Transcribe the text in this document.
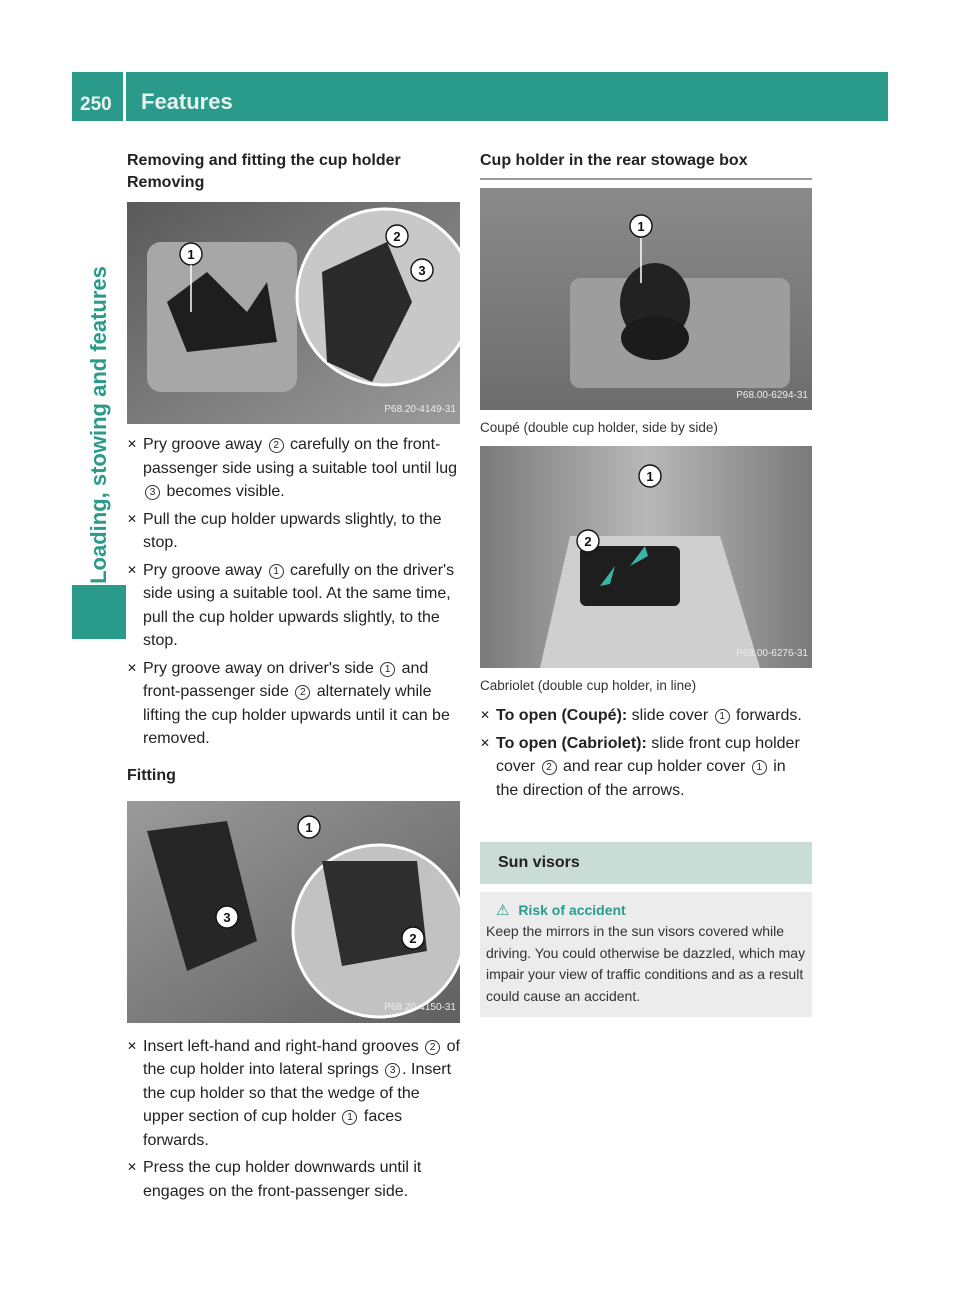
250 Features
Loading, stowing and features
Removing and fitting the cup holder
Removing
1
2
3
P68.20-4149-31
✕ Pry groove away 2 carefully on the front-passenger side using a suitable tool until lug 3 becomes visible.
✕ Pull the cup holder upwards slightly, to the stop.
✕ Pry groove away 1 carefully on the driver's side using a suitable tool. At the same time, pull the cup holder upwards slightly, to the stop.
✕ Pry groove away on driver's side 1 and front-passenger side 2 alternately while lifting the cup holder upwards until it can be removed.
Fitting
1
3
2
P68.20-4150-31
✕ Insert left-hand and right-hand grooves 2 of the cup holder into lateral springs 3 . Insert the cup holder so that the wedge of the upper section of cup holder 1 faces forwards.
✕ Press the cup holder downwards until it engages on the front-passenger side.
Cup holder in the rear stowage box
1
P68.00-6294-31
Coupé (double cup holder, side by side)
1
2
P68.00-6276-31
Cabriolet (double cup holder, in line)
✕ To open (Coupé): slide cover 1 forwards.
✕ To open (Cabriolet): slide front cup holder cover 2 and rear cup holder cover 1 in the direction of the arrows.
Sun visors
⚠ Risk of accident
Keep the mirrors in the sun visors covered while driving. You could otherwise be dazzled, which may impair your view of traffic conditions and as a result could cause an accident.
